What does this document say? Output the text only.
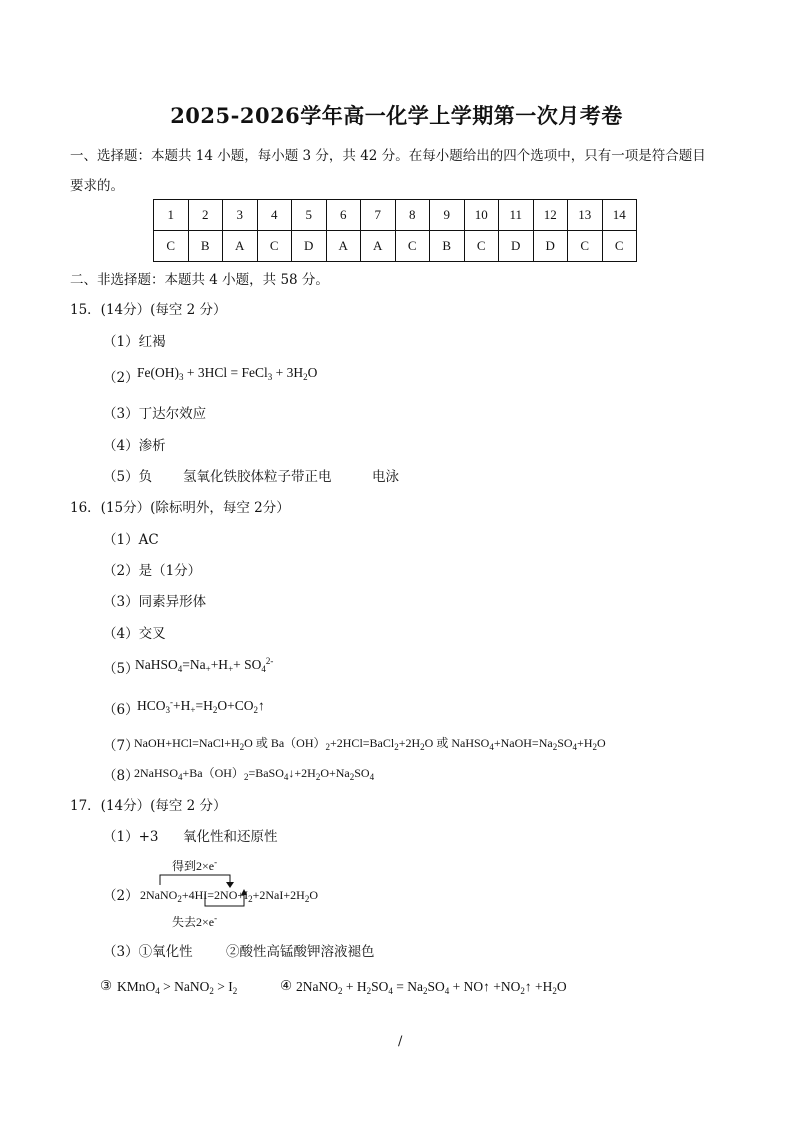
2025-2026学年高一化学上学期第一次月考卷
一、选择题：本题共 14 小题，每小题 3 分，共 42 分。在每小题给出的四个选项中，只有一项是符合题目
要求的。
1	2	3	4	5	6	7	8	9	10	11	12	13	14
C	B	A	C	D	A	A	C	B	C	D	D	C	C
二、非选择题：本题共 4 小题，共 58 分。
15．(14分）(每空 2 分）
（1）红褐
（2）
$Fe(OH)_3 + 3HCl$ = FeCl$_3$ + $3H_2O$
（3）丁达尔效应
（4）渗析
（5）负 氢氧化铁胶体粒子带正电	电泳
16．(15分）(除标明外，每空 2分）
（1）AC
（2）是（1分）
（3）同素异形体
（4）交叉
（5）
$NaHSO_4=Na_++H_++ SO_4^{2-}$
（6）
$HCO_3^-+H_+=H_2O+CO_2↑$
（7）
$NaOH+HCl=NaCl+H_2O$ 或 $Ba(OH)_2+2HCl=BaCl_2+2H_2O$ 或 $NaHSO_4+NaOH=Na_2SO_4+H_2O$
（8）
$2NaHSO_4+Ba(OH)_2=BaSO_4↓+2H_2O+Na_2SO_4$
17．(14分）(每空 2 分）
（1）+3 氧化性和还原性
（2）
得到2×e-
$2NaNO_2+4HI=2NO+I_2+2NaI+2H_2O$
失去2×e-
（3）①氧化性 ②酸性高锰酸钾溶液褪色
③ KMnO$_4$ > NaNO$_2$ > $I_2$	④ 2NaNO$_2$ + $H_2SO_4 = Na_2SO_4$ + NO↑ $+NO_2↑ +H_2O$
/
